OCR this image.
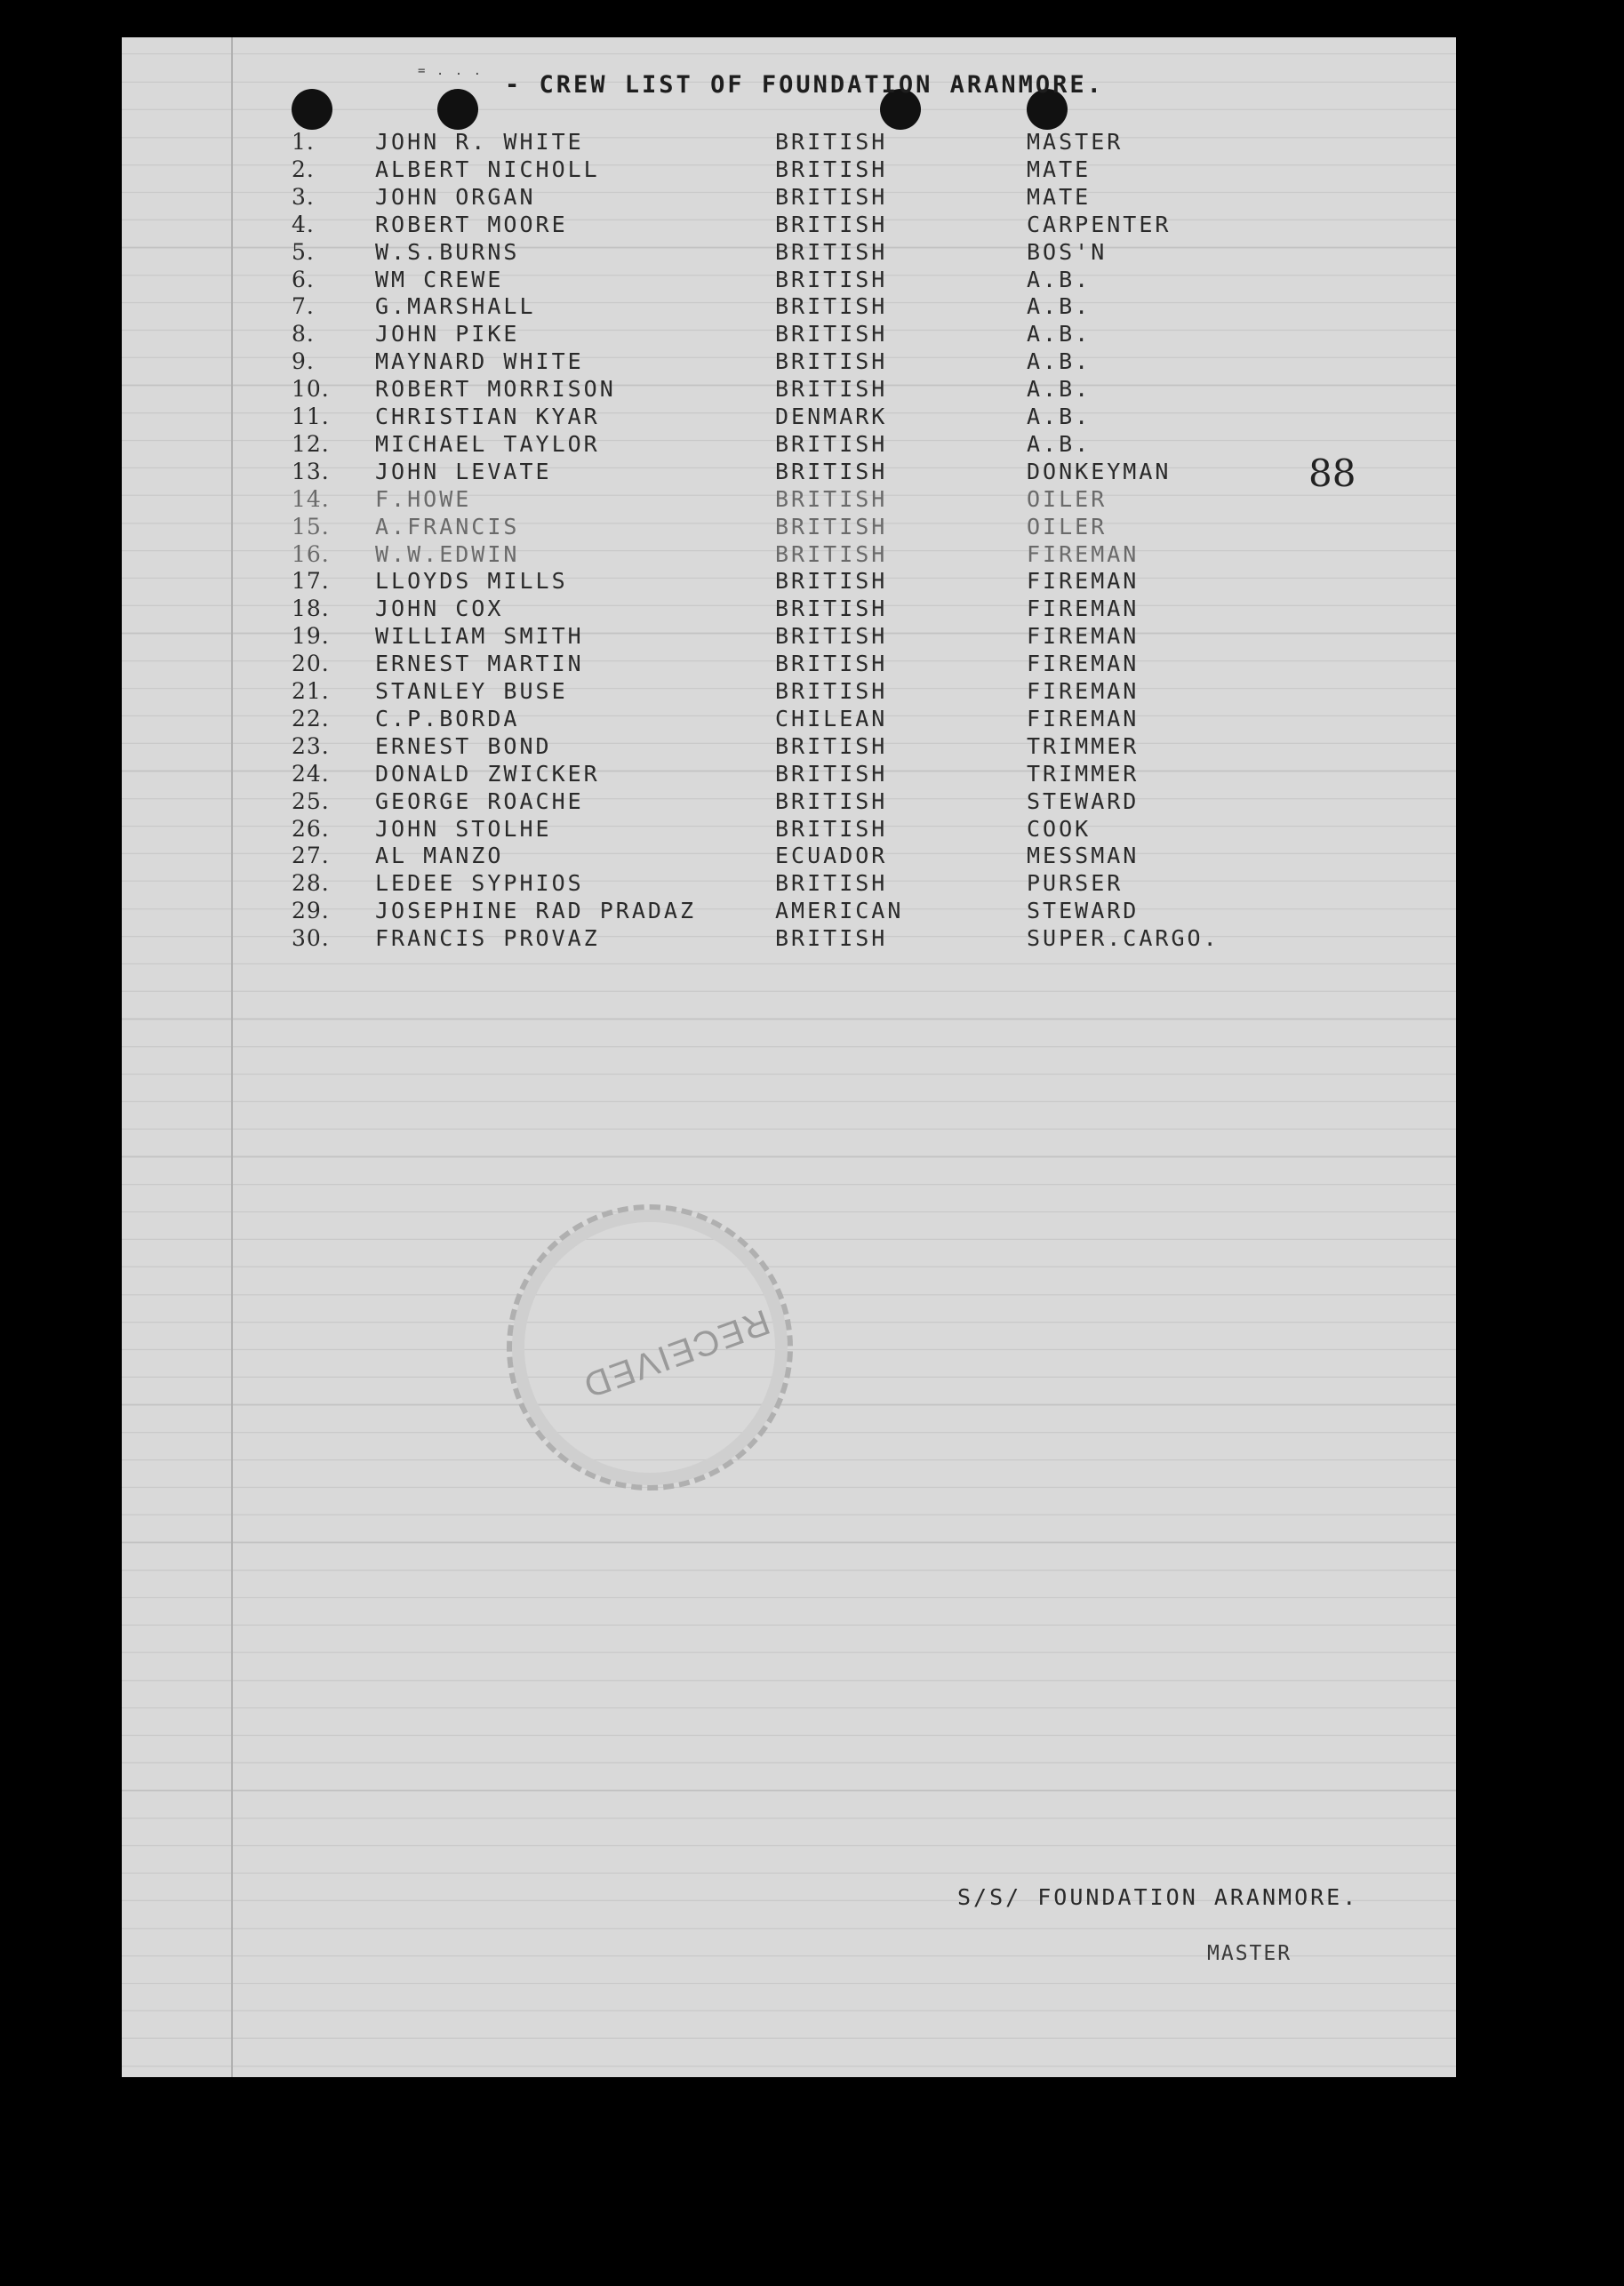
= . . . - CREW LIST OF FOUNDATION ARANMORE.
1.	JOHN R. WHITE	BRITISH	MASTER
2.	ALBERT NICHOLL	BRITISH	MATE
3.	JOHN ORGAN	BRITISH	MATE
4.	ROBERT MOORE	BRITISH	CARPENTER
5.	W.S.BURNS	BRITISH	BOS'N
6.	WM CREWE	BRITISH	A.B.
7.	G.MARSHALL	BRITISH	A.B.
8.	JOHN PIKE	BRITISH	A.B.
9.	MAYNARD WHITE	BRITISH	A.B.
10.	ROBERT MORRISON	BRITISH	A.B.
11.	CHRISTIAN KYAR	DENMARK	A.B.
12.	MICHAEL TAYLOR	BRITISH	A.B.
13.	JOHN LEVATE	BRITISH	DONKEYMAN
14.	F.HOWE	BRITISH	OILER
15.	A.FRANCIS	BRITISH	OILER
16.	W.W.EDWIN	BRITISH	FIREMAN
17.	LLOYDS MILLS	BRITISH	FIREMAN
18.	JOHN COX	BRITISH	FIREMAN
19.	WILLIAM SMITH	BRITISH	FIREMAN
20.	ERNEST MARTIN	BRITISH	FIREMAN
21.	STANLEY BUSE	BRITISH	FIREMAN
22.	C.P.BORDA	CHILEAN	FIREMAN
23.	ERNEST BOND	BRITISH	TRIMMER
24.	DONALD ZWICKER	BRITISH	TRIMMER
25.	GEORGE ROACHE	BRITISH	STEWARD
26.	JOHN STOLHE	BRITISH	COOK
27.	AL MANZO	ECUADOR	MESSMAN
28.	LEDEE SYPHIOS	BRITISH	PURSER
29.	JOSEPHINE RAD PRADAZ	AMERICAN	STEWARD
30.	FRANCIS PROVAZ	BRITISH	SUPER.CARGO.
88
RECEIVED
S/S/ FOUNDATION ARANMORE.
MASTER
